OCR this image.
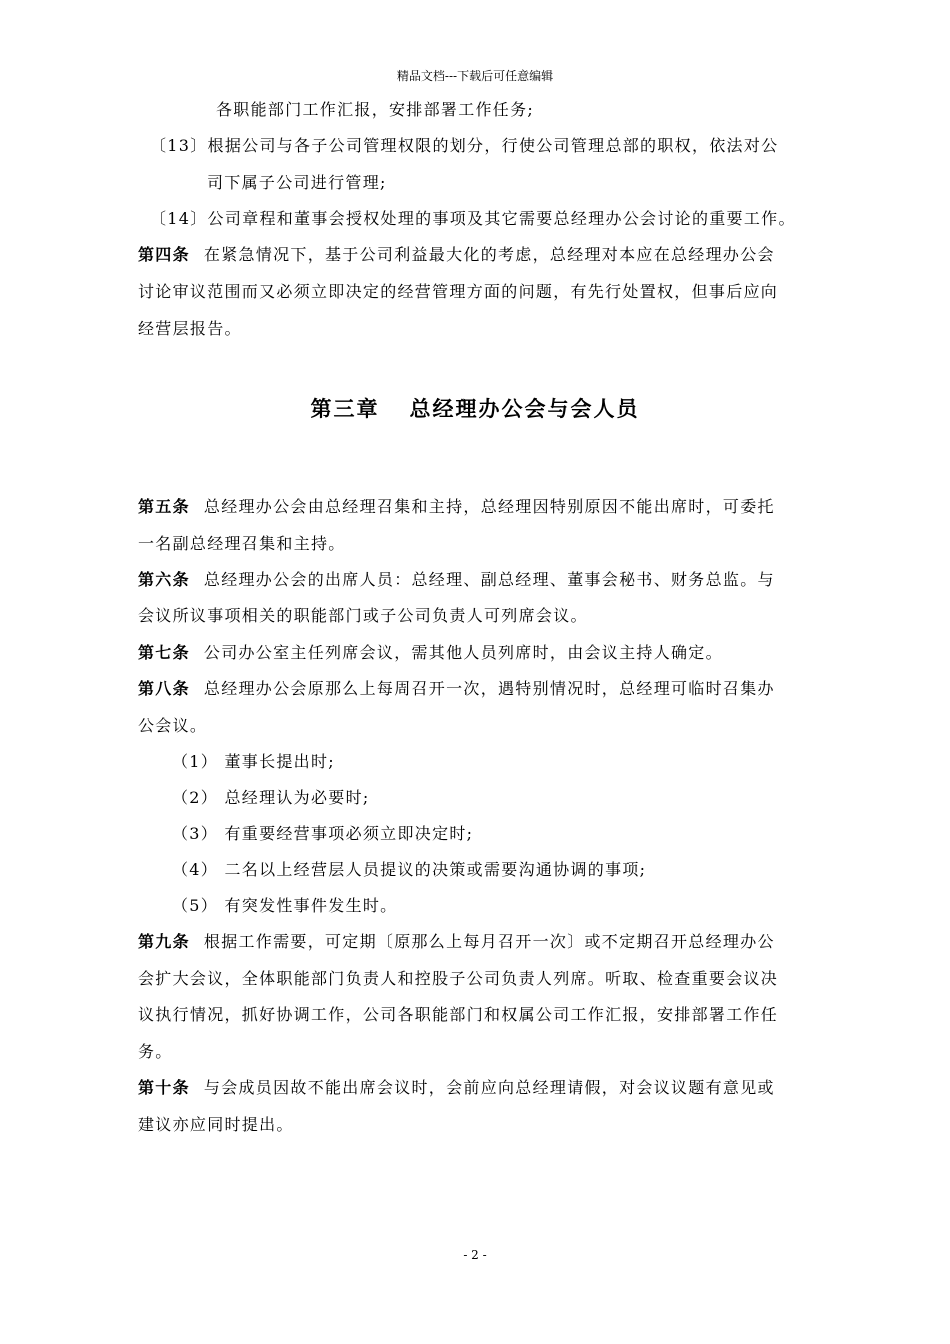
精品文档---下载后可任意编辑
各职能部门工作汇报，安排部署工作任务;
〔13〕根据公司与各子公司管理权限的划分，行使公司管理总部的职权，依法对公
司下属子公司进行管理;
〔14〕公司章程和董事会授权处理的事项及其它需要总经理办公会讨论的重要工作。
第四条 在紧急情况下，基于公司利益最大化的考虑，总经理对本应在总经理办公会
讨论审议范围而又必须立即决定的经营管理方面的问题，有先行处置权，但事后应向
经营层报告。
第三章 总经理办公会与会人员
第五条 总经理办公会由总经理召集和主持，总经理因特别原因不能出席时，可委托
一名副总经理召集和主持。
第六条 总经理办公会的出席人员：总经理、副总经理、董事会秘书、财务总监。与
会议所议事项相关的职能部门或子公司负责人可列席会议。
第七条 公司办公室主任列席会议，需其他人员列席时，由会议主持人确定。
第八条 总经理办公会原那么上每周召开一次，遇特别情况时，总经理可临时召集办
公会议。
（1） 董事长提出时;
（2） 总经理认为必要时;
（3） 有重要经营事项必须立即决定时;
（4） 二名以上经营层人员提议的决策或需要沟通协调的事项;
（5） 有突发性事件发生时。
第九条 根据工作需要，可定期〔原那么上每月召开一次〕或不定期召开总经理办公
会扩大会议，全体职能部门负责人和控股子公司负责人列席。听取、检查重要会议决
议执行情况，抓好协调工作，公司各职能部门和权属公司工作汇报，安排部署工作任
务。
第十条 与会成员因故不能出席会议时，会前应向总经理请假，对会议议题有意见或
建议亦应同时提出。
- 2 -
